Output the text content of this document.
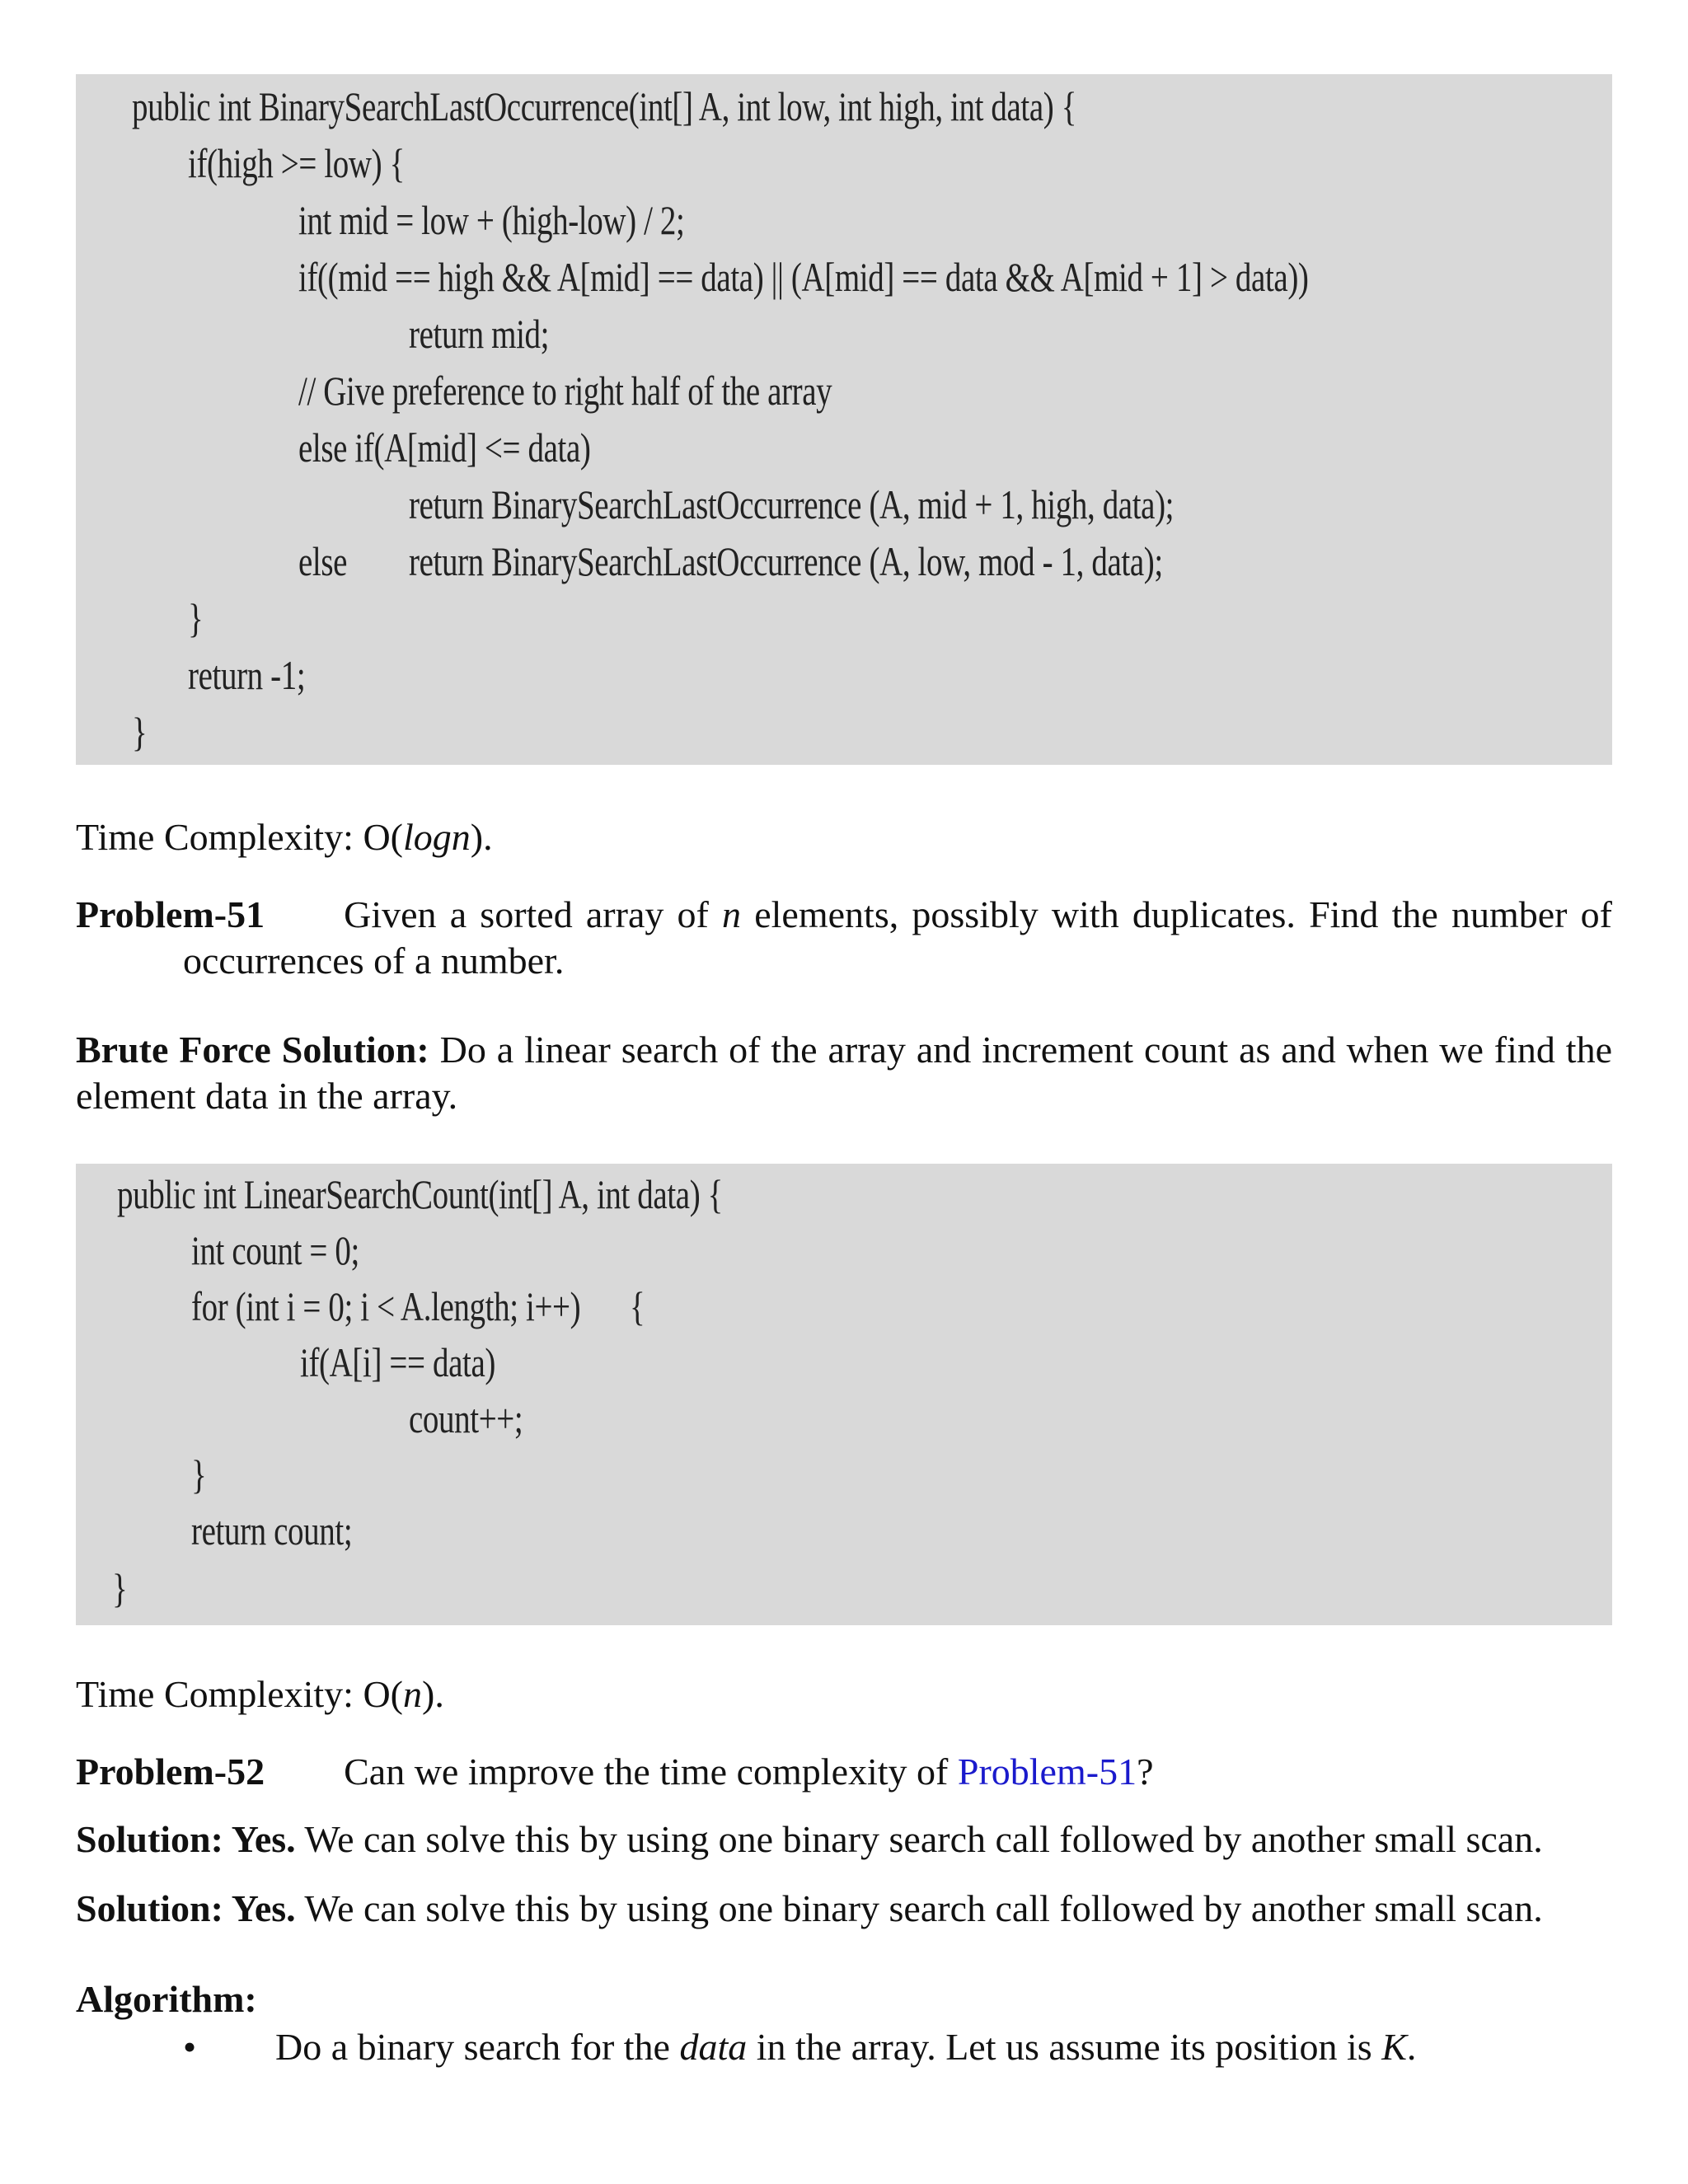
public int BinarySearchLastOccurrence(int[] A, int low, int high, int data) {
if(high >= low) {
int mid = low + (high-low) / 2;
if((mid == high && A[mid] == data) || (A[mid] == data && A[mid + 1] > data))
return mid;
// Give preference to right half of the array
else if(A[mid] <= data)
return BinarySearchLastOccurrence (A, mid + 1, high, data);
else return BinarySearchLastOccurrence (A, low, mod - 1, data);
}
return -1;
}
Time Complexity: O(logn).
Problem-51 Given a sorted array of n elements, possibly with duplicates. Find the number of
occurrences of a number.
Brute Force Solution: Do a linear search of the array and increment count as and when we find the element data in the array.
public int LinearSearchCount(int[] A, int data) {
int count = 0;
for (int i = 0; i < A.length; i++) {
if(A[i] == data)
count++;
}
return count;
}
Time Complexity: O(n).
Problem-52 Can we improve the time complexity of Problem-51?
Solution: Yes. We can solve this by using one binary search call followed by another small scan.
Solution: Yes. We can solve this by using one binary search call followed by another small scan.
Algorithm:
• Do a binary search for the data in the array. Let us assume its position is K.
